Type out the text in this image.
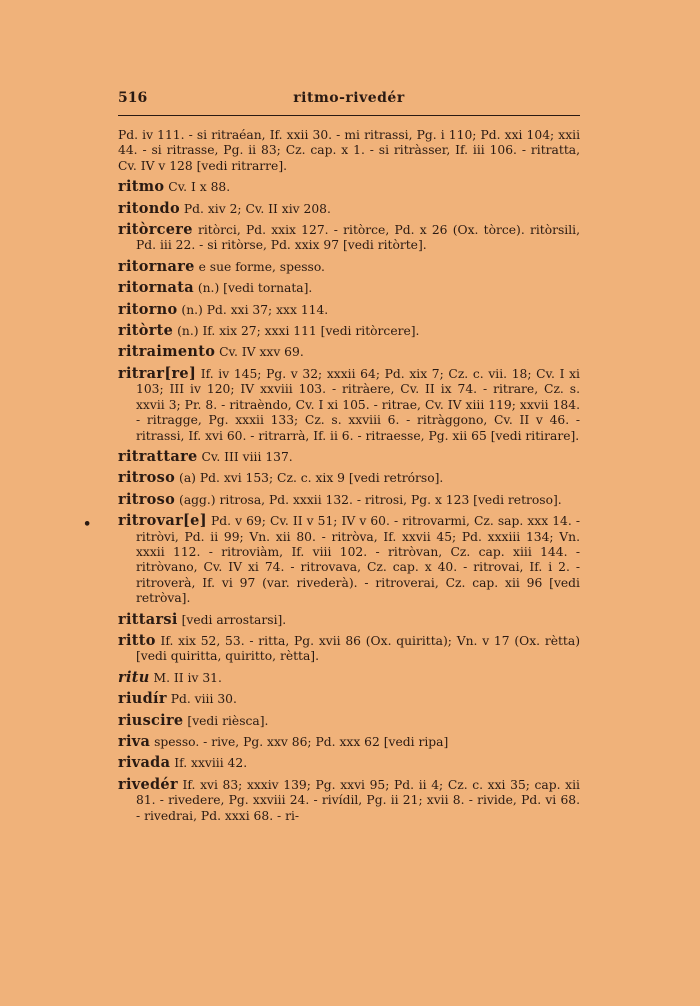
516	ritmo-rivedér
•

Pd. iv 111. - si ritraéan, If. xxii 30. - mi ritrassi, Pg. i 110; Pd. xxi 104; xxii 44. - si ritrasse, Pg. ii 83; Cz. cap. x 1. - si ritràsser, If. iii 106. - ritratta, Cv. IV v 128 [vedi ritrarre].

ritmo Cv. I x 88.

ritondo Pd. xiv 2; Cv. II xiv 208.

ritòrcere ritòrci, Pd. xxix 127. - ritòrce, Pd. x 26 (Ox. tòrce). ritòrsili, Pd. iii 22. - si ritòrse, Pd. xxix 97 [vedi ritòrte].

ritornare e sue forme, spesso.

ritornata (n.) [vedi tornata].

ritorno (n.) Pd. xxi 37; xxx 114.

ritòrte (n.) If. xix 27; xxxi 111 [vedi ritòrcere].

ritraimento Cv. IV xxv 69.

ritrar[re] If. iv 145; Pg. v 32; xxxii 64; Pd. xix 7; Cz. c. vii. 18; Cv. I xi 103; III iv 120; IV xxviii 103. - ritràere, Cv. II ix 74. - ritrare, Cz. s. xxvii 3; Pr. 8. - ritraèndo, Cv. I xi 105. - ritrae, Cv. IV xiii 119; xxvii 184. - ritragge, Pg. xxxii 133; Cz. s. xxviii 6. - ritràggono, Cv. II v 46. - ritrassi, If. xvi 60. - ritrarrà, If. ii 6. - ritraesse, Pg. xii 65 [vedi ritirare].

ritrattare Cv. III viii 137.

ritroso (a) Pd. xvi 153; Cz. c. xix 9 [vedi retrórso].

ritroso (agg.) ritrosa, Pd. xxxii 132. - ritrosi, Pg. x 123 [vedi retroso].

ritrovar[e] Pd. v 69; Cv. II v 51; IV v 60. - ritrovarmi, Cz. sap. xxx 14. - ritròvi, Pd. ii 99; Vn. xii 80. - ritròva, If. xxvii 45; Pd. xxxiii 134; Vn. xxxii 112. - ritroviàm, If. viii 102. - ritròvan, Cz. cap. xiii 144. - ritròvano, Cv. IV xi 74. - ritrovava, Cz. cap. x 40. - ritrovai, If. i 2. - ritroverà, If. vi 97 (var. rivederà). - ritroverai, Cz. cap. xii 96 [vedi retròva].

rittarsi [vedi arrostarsi].

ritto If. xix 52, 53. - ritta, Pg. xvii 86 (Ox. quiritta); Vn. v 17 (Ox. rètta) [vedi quiritta, quiritto, rètta].

ritu M. II iv 31.

riudír Pd. viii 30.

riuscire [vedi rièsca].

riva spesso. - rive, Pg. xxv 86; Pd. xxx 62 [vedi ripa]

rivada If. xxviii 42.

rivedér If. xvi 83; xxxiv 139; Pg. xxvi 95; Pd. ii 4; Cz. c. xxi 35; cap. xii 81. - rivedere, Pg. xxviii 24. - rivídil, Pg. ii 21; xvii 8. - rivide, Pd. vi 68. - rivedrai, Pd. xxxi 68. - ri-
